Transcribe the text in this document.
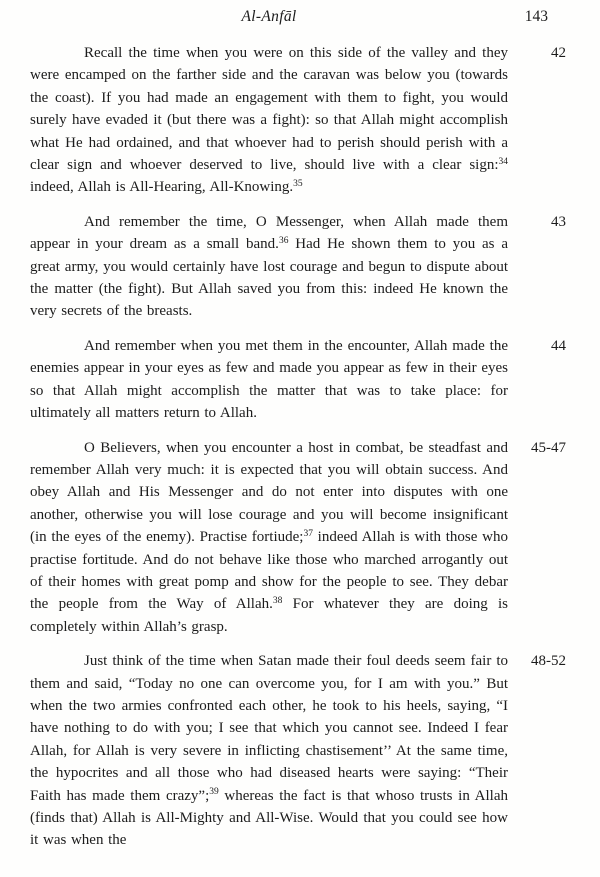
Al-Anfāl	143
Recall the time when you were on this side of the valley and they were encamped on the farther side and the caravan was below you (towards the coast). If you had made an engagement with them to fight, you would surely have evaded it (but there was a fight): so that Allah might accomplish what He had ordained, and that whoever had to perish should perish with a clear sign and whoever deserved to live, should live with a clear sign:$^{34}$ indeed, Allah is All-Hearing, All-Knowing.$^{35}$
42
And remember the time, O Messenger, when Allah made them appear in your dream as a small band.$^{36}$ Had He shown them to you as a great army, you would certainly have lost courage and begun to dispute about the matter (the fight). But Allah saved you from this: indeed He known the very secrets of the breasts.
43
And remember when you met them in the encounter, Allah made the enemies appear in your eyes as few and made you appear as few in their eyes so that Allah might accomplish the matter that was to take place: for ultimately all matters return to Allah.
44
O Believers, when you encounter a host in combat, be steadfast and remember Allah very much: it is expected that you will obtain success. And obey Allah and His Messenger and do not enter into disputes with one another, otherwise you will lose courage and you will become insignificant (in the eyes of the enemy). Practise fortiude;$^{37}$ indeed Allah is with those who practise fortitude. And do not behave like those who marched arrogantly out of their homes with great pomp and show for the people to see. They debar the people from the Way of Allah.$^{38}$ For whatever they are doing is completely within Allah’s grasp.
45-47
Just think of the time when Satan made their foul deeds seem fair to them and said, “Today no one can overcome you, for I am with you.” But when the two armies confronted each other, he took to his heels, saying, “I have nothing to do with you; I see that which you cannot see. Indeed I fear Allah, for Allah is very severe in inflicting chastisement’’ At the same time, the hypocrites and all those who had diseased hearts were saying: “Their Faith has made them crazy”;$^{39}$ whereas the fact is that whoso trusts in Allah (finds that) Allah is All-Mighty and All-Wise. Would that you could see how it was when the
48-52
